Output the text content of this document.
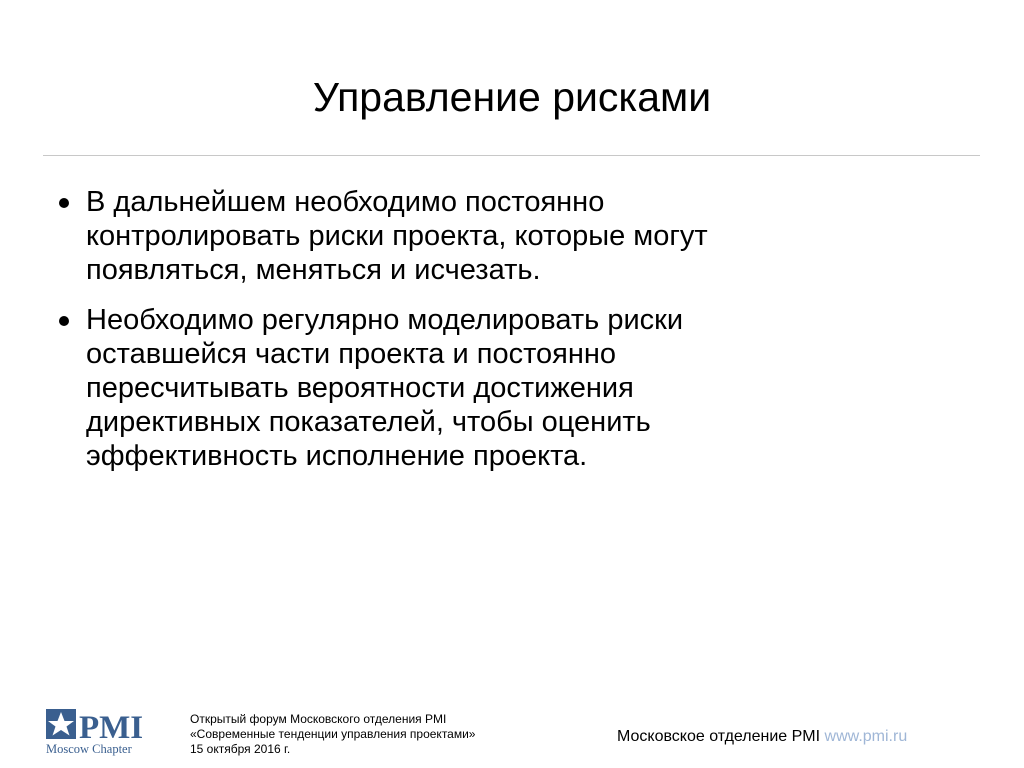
Управление рисками
В дальнейшем необходимо постоянно
контролировать риски проекта, которые могут
появляться, меняться и исчезать.
Необходимо регулярно моделировать риски
оставшейся части проекта и постоянно
пересчитывать вероятности достижения
директивных показателей, чтобы оценить
эффективность исполнение проекта.
PMI
Moscow Chapter
Открытый форум Московского отделения PMI
«Современные тенденции управления проектами»
15 октября 2016 г.
Московское отделение PMI www.pmi.ru
